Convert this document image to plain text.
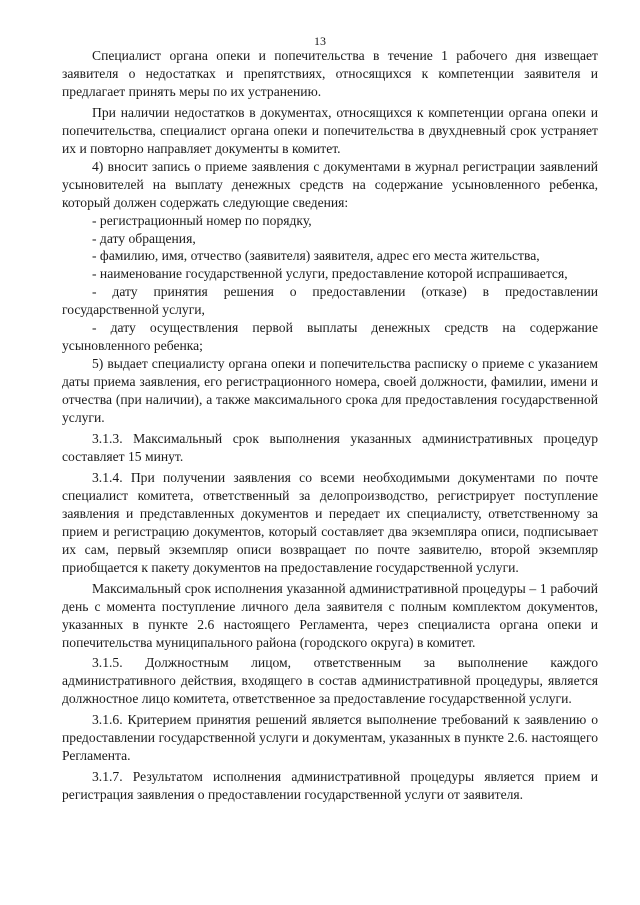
13

Специалист органа опеки и попечительства в течение 1 рабочего дня извещает заявителя о недостатках и препятствиях, относящихся к компетенции заявителя и предлагает принять меры по их устранению.

При наличии недостатков в документах, относящихся к компетенции органа опеки и попечительства, специалист органа опеки и попечительства в двухдневный срок устраняет их и повторно направляет документы в комитет.

4) вносит запись о приеме заявления с документами в журнал регистрации заявлений усыновителей на выплату денежных средств на содержание усыновленного ребенка, который должен содержать следующие сведения:

- регистрационный номер по порядку,

- дату обращения,

- фамилию, имя, отчество (заявителя) заявителя, адрес его места жительства,

- наименование государственной услуги, предоставление которой испрашивается,

- дату принятия решения о предоставлении (отказе) в предоставлении государственной услуги,

- дату осуществления первой выплаты денежных средств на содержание усыновленного ребенка;

5) выдает специалисту органа опеки и попечительства расписку о приеме с указанием даты приема заявления, его регистрационного номера, своей должности, фамилии, имени и отчества (при наличии), а также максимального срока для предоставления государственной услуги.

3.1.3. Максимальный срок выполнения указанных административных процедур составляет 15 минут.

3.1.4. При получении заявления со всеми необходимыми документами по почте специалист комитета, ответственный за делопроизводство, регистрирует поступление заявления и представленных документов и передает их специалисту, ответственному за прием и регистрацию документов, который составляет два экземпляра описи, подписывает их сам, первый экземпляр описи возвращает по почте заявителю, второй экземпляр приобщается к пакету документов на предоставление государственной услуги.

Максимальный срок исполнения указанной административной процедуры – 1 рабочий день с момента поступление личного дела заявителя с полным комплектом документов, указанных в пункте 2.6 настоящего Регламента, через специалиста органа опеки и попечительства муниципального района (городского округа) в комитет.

3.1.5. Должностным лицом, ответственным за выполнение каждого административного действия, входящего в состав административной процедуры, является должностное лицо комитета, ответственное за предоставление государственной услуги.

3.1.6. Критерием принятия решений является выполнение требований к заявлению о предоставлении государственной услуги и документам, указанных в пункте 2.6. настоящего Регламента.

3.1.7. Результатом исполнения административной процедуры является прием и регистрация заявления о предоставлении государственной услуги от заявителя.
